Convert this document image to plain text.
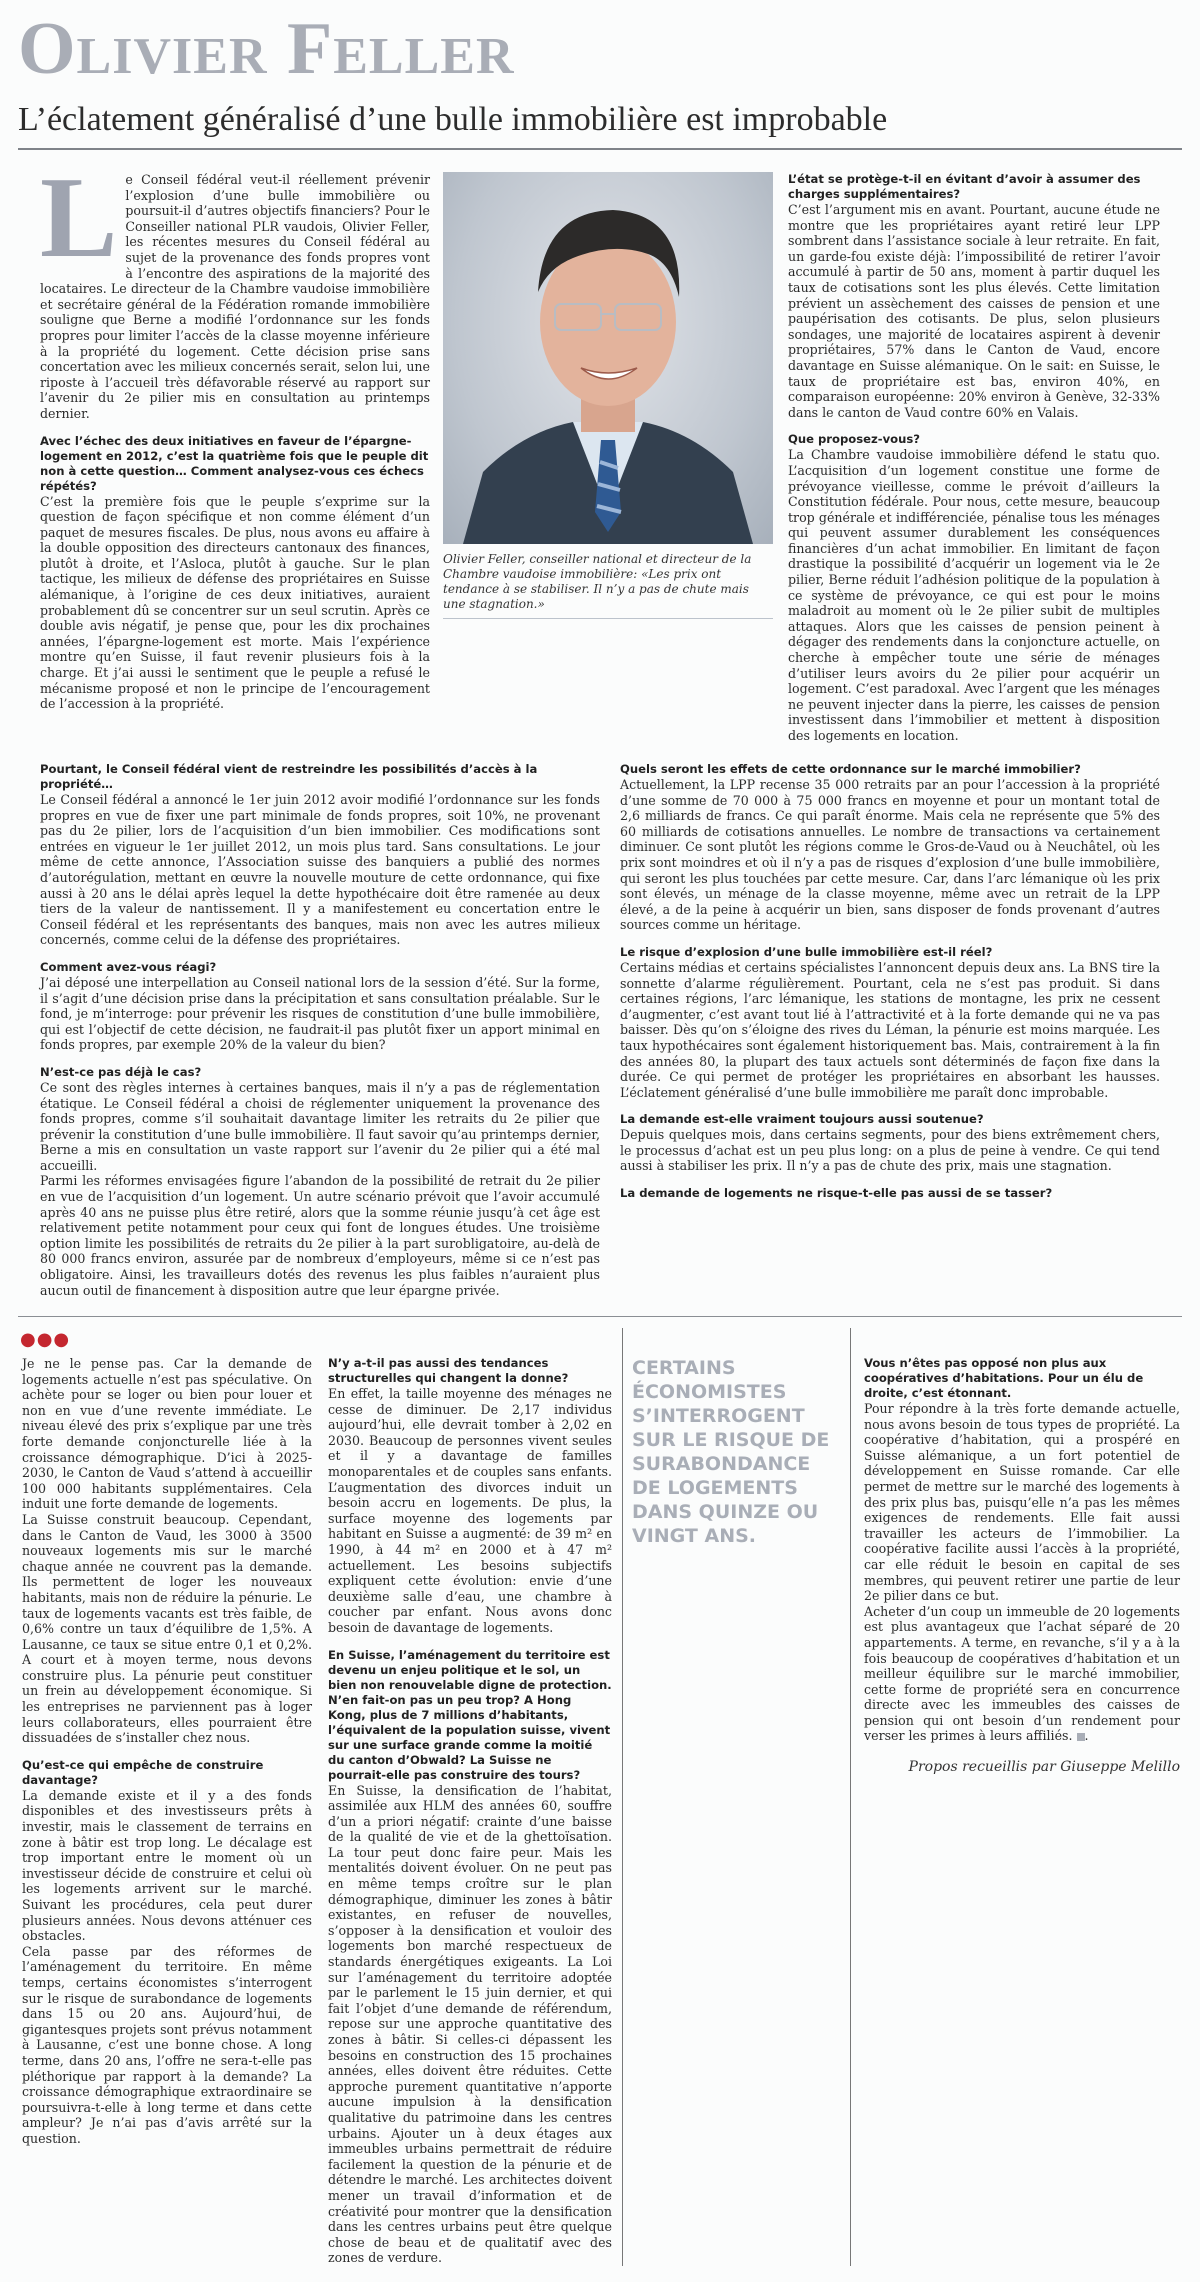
Olivier Feller
L’éclatement généralisé d’une bulle immobilière est improbable

Le Conseil fédéral veut-il réellement prévenir l’explosion d’une bulle immobilière ou poursuit-il d’autres objectifs financiers? Pour le Conseiller national PLR vaudois, Olivier Feller, les récentes mesures du Conseil fédéral au sujet de la provenance des fonds propres vont à l’encontre des aspirations de la majorité des locataires. Le directeur de la Chambre vaudoise immobilière et secrétaire général de la Fédération romande immobilière souligne que Berne a modifié l’ordonnance sur les fonds propres pour limiter l’accès de la classe moyenne inférieure à la propriété du logement. Cette décision prise sans concertation avec les milieux concernés serait, selon lui, une riposte à l’accueil très défavorable réservé au rapport sur l’avenir du 2e pilier mis en consultation au printemps dernier.

Avec l’échec des deux initiatives en faveur de l’épargne-logement en 2012, c’est la quatrième fois que le peuple dit non à cette question… Comment analysez-vous ces échecs répétés?

C’est la première fois que le peuple s’exprime sur la question de façon spécifique et non comme élément d’un paquet de mesures fiscales. De plus, nous avons eu affaire à la double opposition des directeurs cantonaux des finances, plutôt à droite, et l’Asloca, plutôt à gauche. Sur le plan tactique, les milieux de défense des propriétaires en Suisse alémanique, à l’origine de ces deux initiatives, auraient probablement dû se concentrer sur un seul scrutin. Après ce double avis négatif, je pense que, pour les dix prochaines années, l’épargne-logement est morte. Mais l’expérience montre qu’en Suisse, il faut revenir plusieurs fois à la charge. Et j’ai aussi le sentiment que le peuple a refusé le mécanisme proposé et non le principe de l’encouragement de l’accession à la propriété.

Olivier Feller, conseiller national et directeur de la Chambre vaudoise immobilière: «Les prix ont tendance à se stabiliser. Il n’y a pas de chute mais une stagnation.»

L’état se protège-t-il en évitant d’avoir à assumer des charges supplémentaires?

C’est l’argument mis en avant. Pourtant, aucune étude ne montre que les propriétaires ayant retiré leur LPP sombrent dans l’assistance sociale à leur retraite. En fait, un garde-fou existe déjà: l’impossibilité de retirer l’avoir accumulé à partir de 50 ans, moment à partir duquel les taux de cotisations sont les plus élevés. Cette limitation prévient un assèchement des caisses de pension et une paupérisation des cotisants. De plus, selon plusieurs sondages, une majorité de locataires aspirent à devenir propriétaires, 57% dans le Canton de Vaud, encore davantage en Suisse alémanique. On le sait: en Suisse, le taux de propriétaire est bas, environ 40%, en comparaison européenne: 20% environ à Genève, 32-33% dans le canton de Vaud contre 60% en Valais.

Que proposez-vous?

La Chambre vaudoise immobilière défend le statu quo. L’acquisition d’un logement constitue une forme de prévoyance vieillesse, comme le prévoit d’ailleurs la Constitution fédérale. Pour nous, cette mesure, beaucoup trop générale et indifférenciée, pénalise tous les ménages qui peuvent assumer durablement les conséquences financières d’un achat immobilier. En limitant de façon drastique la possibilité d’acquérir un logement via le 2e pilier, Berne réduit l’adhésion politique de la population à ce système de prévoyance, ce qui est pour le moins maladroit au moment où le 2e pilier subit de multiples attaques. Alors que les caisses de pension peinent à dégager des rendements dans la conjoncture actuelle, on cherche à empêcher toute une série de ménages d’utiliser leurs avoirs du 2e pilier pour acquérir un logement. C’est paradoxal. Avec l’argent que les ménages ne peuvent injecter dans la pierre, les caisses de pension investissent dans l’immobilier et mettent à disposition des logements en location.

Pourtant, le Conseil fédéral vient de restreindre les possibilités d’accès à la propriété…

Le Conseil fédéral a annoncé le 1er juin 2012 avoir modifié l’ordonnance sur les fonds propres en vue de fixer une part minimale de fonds propres, soit 10%, ne provenant pas du 2e pilier, lors de l’acquisition d’un bien immobilier. Ces modifications sont entrées en vigueur le 1er juillet 2012, un mois plus tard. Sans consultations. Le jour même de cette annonce, l’Association suisse des banquiers a publié des normes d’autorégulation, mettant en œuvre la nouvelle mouture de cette ordonnance, qui fixe aussi à 20 ans le délai après lequel la dette hypothécaire doit être ramenée au deux tiers de la valeur de nantissement. Il y a manifestement eu concertation entre le Conseil fédéral et les représentants des banques, mais non avec les autres milieux concernés, comme celui de la défense des propriétaires.

Comment avez-vous réagi?

J’ai déposé une interpellation au Conseil national lors de la session d’été. Sur la forme, il s’agit d’une décision prise dans la précipitation et sans consultation préalable. Sur le fond, je m’interroge: pour prévenir les risques de constitution d’une bulle immobilière, qui est l’objectif de cette décision, ne faudrait-il pas plutôt fixer un apport minimal en fonds propres, par exemple 20% de la valeur du bien?

N’est-ce pas déjà le cas?

Ce sont des règles internes à certaines banques, mais il n’y a pas de réglementation étatique. Le Conseil fédéral a choisi de réglementer uniquement la provenance des fonds propres, comme s’il souhaitait davantage limiter les retraits du 2e pilier que prévenir la constitution d’une bulle immobilière. Il faut savoir qu’au printemps dernier, Berne a mis en consultation un vaste rapport sur l’avenir du 2e pilier qui a été mal accueilli.

Parmi les réformes envisagées figure l’abandon de la possibilité de retrait du 2e pilier en vue de l’acquisition d’un logement. Un autre scénario prévoit que l’avoir accumulé après 40 ans ne puisse plus être retiré, alors que la somme réunie jusqu’à cet âge est relativement petite notamment pour ceux qui font de longues études. Une troisième option limite les possibilités de retraits du 2e pilier à la part surobligatoire, au-delà de 80 000 francs environ, assurée par de nombreux d’employeurs, même si ce n’est pas obligatoire. Ainsi, les travailleurs dotés des revenus les plus faibles n’auraient plus aucun outil de financement à disposition autre que leur épargne privée.

Quels seront les effets de cette ordonnance sur le marché immobilier?

Actuellement, la LPP recense 35 000 retraits par an pour l’accession à la propriété d’une somme de 70 000 à 75 000 francs en moyenne et pour un montant total de 2,6 milliards de francs. Ce qui paraît énorme. Mais cela ne représente que 5% des 60 milliards de cotisations annuelles. Le nombre de transactions va certainement diminuer. Ce sont plutôt les régions comme le Gros-de-Vaud ou à Neuchâtel, où les prix sont moindres et où il n’y a pas de risques d’explosion d’une bulle immobilière, qui seront les plus touchées par cette mesure. Car, dans l’arc lémanique où les prix sont élevés, un ménage de la classe moyenne, même avec un retrait de la LPP élevé, a de la peine à acquérir un bien, sans disposer de fonds provenant d’autres sources comme un héritage.

Le risque d’explosion d’une bulle immobilière est-il réel?

Certains médias et certains spécialistes l’annoncent depuis deux ans. La BNS tire la sonnette d’alarme régulièrement. Pourtant, cela ne s’est pas produit. Si dans certaines régions, l’arc lémanique, les stations de montagne, les prix ne cessent d’augmenter, c’est avant tout lié à l’attractivité et à la forte demande qui ne va pas baisser. Dès qu’on s’éloigne des rives du Léman, la pénurie est moins marquée. Les taux hypothécaires sont également historiquement bas. Mais, contrairement à la fin des années 80, la plupart des taux actuels sont déterminés de façon fixe dans la durée. Ce qui permet de protéger les propriétaires en absorbant les hausses. L’éclatement généralisé d’une bulle immobilière me paraît donc improbable.

La demande est-elle vraiment toujours aussi soutenue?

Depuis quelques mois, dans certains segments, pour des biens extrêmement chers, le processus d’achat est un peu plus long: on a plus de peine à vendre. Ce qui tend aussi à stabiliser les prix. Il n’y a pas de chute des prix, mais une stagnation.

La demande de logements ne risque-t-elle pas aussi de se tasser?

●●●

Je ne le pense pas. Car la demande de logements actuelle n’est pas spéculative. On achète pour se loger ou bien pour louer et non en vue d’une revente immédiate. Le niveau élevé des prix s’explique par une très forte demande conjoncturelle liée à la croissance démographique. D’ici à 2025-2030, le Canton de Vaud s’attend à accueillir 100 000 habitants supplémentaires. Cela induit une forte demande de logements.

La Suisse construit beaucoup. Cependant, dans le Canton de Vaud, les 3000 à 3500 nouveaux logements mis sur le marché chaque année ne couvrent pas la demande. Ils permettent de loger les nouveaux habitants, mais non de réduire la pénurie. Le taux de logements vacants est très faible, de 0,6% contre un taux d’équilibre de 1,5%. A Lausanne, ce taux se situe entre 0,1 et 0,2%. A court et à moyen terme, nous devons construire plus. La pénurie peut constituer un frein au développement économique. Si les entreprises ne parviennent pas à loger leurs collaborateurs, elles pourraient être dissuadées de s’installer chez nous.

Qu’est-ce qui empêche de construire davantage?

La demande existe et il y a des fonds disponibles et des investisseurs prêts à investir, mais le classement de terrains en zone à bâtir est trop long. Le décalage est trop important entre le moment où un investisseur décide de construire et celui où les logements arrivent sur le marché. Suivant les procédures, cela peut durer plusieurs années. Nous devons atténuer ces obstacles.

Cela passe par des réformes de l’aménagement du territoire. En même temps, certains économistes s’interrogent sur le risque de surabondance de logements dans 15 ou 20 ans. Aujourd’hui, de gigantesques projets sont prévus notamment à Lausanne, c’est une bonne chose. A long terme, dans 20 ans, l’offre ne sera-t-elle pas pléthorique par rapport à la demande? La croissance démographique extraordinaire se poursuivra-t-elle à long terme et dans cette ampleur? Je n’ai pas d’avis arrêté sur la question.

N’y a-t-il pas aussi des tendances structurelles qui changent la donne?

En effet, la taille moyenne des ménages ne cesse de diminuer. De 2,17 individus aujourd’hui, elle devrait tomber à 2,02 en 2030. Beaucoup de personnes vivent seules et il y a davantage de familles monoparentales et de couples sans enfants. L’augmentation des divorces induit un besoin accru en logements. De plus, la surface moyenne des logements par habitant en Suisse a augmenté: de 39 m² en 1990, à 44 m² en 2000 et à 47 m² actuellement. Les besoins subjectifs expliquent cette évolution: envie d’une deuxième salle d’eau, une chambre à coucher par enfant. Nous avons donc besoin de davantage de logements.

En Suisse, l’aménagement du territoire est devenu un enjeu politique et le sol, un bien non renouvelable digne de protection. N’en fait-on pas un peu trop? A Hong Kong, plus de 7 millions d’habitants, l’équivalent de la population suisse, vivent sur une surface grande comme la moitié du canton d’Obwald? La Suisse ne pourrait-elle pas construire des tours?

En Suisse, la densification de l’habitat, assimilée aux HLM des années 60, souffre d’un a priori négatif: crainte d’une baisse de la qualité de vie et de la ghettoïsation. La tour peut donc faire peur. Mais les mentalités doivent évoluer. On ne peut pas en même temps croître sur le plan démographique, diminuer les zones à bâtir existantes, en refuser de nouvelles, s’opposer à la densification et vouloir des logements bon marché respectueux de standards énergétiques exigeants. La Loi sur l’aménagement du territoire adoptée par le parlement le 15 juin dernier, et qui fait l’objet d’une demande de référendum, repose sur une approche quantitative des zones à bâtir. Si celles-ci dépassent les besoins en construction des 15 prochaines années, elles doivent être réduites. Cette approche purement quantitative n’apporte aucune impulsion à la densification qualitative du patrimoine dans les centres urbains. Ajouter un à deux étages aux immeubles urbains permettrait de réduire facilement la question de la pénurie et de détendre le marché. Les architectes doivent mener un travail d’information et de créativité pour montrer que la densification dans les centres urbains peut être quelque chose de beau et de qualitatif avec des zones de verdure.

CERTAINS ÉCONOMISTES S’INTERROGENT SUR LE RISQUE DE SURABONDANCE DE LOGEMENTS DANS QUINZE OU VINGT ANS.

Vous n’êtes pas opposé non plus aux coopératives d’habitations. Pour un élu de droite, c’est étonnant.

Pour répondre à la très forte demande actuelle, nous avons besoin de tous types de propriété. La coopérative d’habitation, qui a prospéré en Suisse alémanique, a un fort potentiel de développement en Suisse romande. Car elle permet de mettre sur le marché des logements à des prix plus bas, puisqu’elle n’a pas les mêmes exigences de rendements. Elle fait aussi travailler les acteurs de l’immobilier. La coopérative facilite aussi l’accès à la propriété, car elle réduit le besoin en capital de ses membres, qui peuvent retirer une partie de leur 2e pilier dans ce but.

Acheter d’un coup un immeuble de 20 logements est plus avantageux que l’achat séparé de 20 appartements. A terme, en revanche, s’il y a à la fois beaucoup de coopératives d’habitation et un meilleur équilibre sur le marché immobilier, cette forme de propriété sera en concurrence directe avec les immeubles des caisses de pension qui ont besoin d’un rendement pour verser les primes à leurs affiliés. .

Propos recueillis par Giuseppe Melillo
